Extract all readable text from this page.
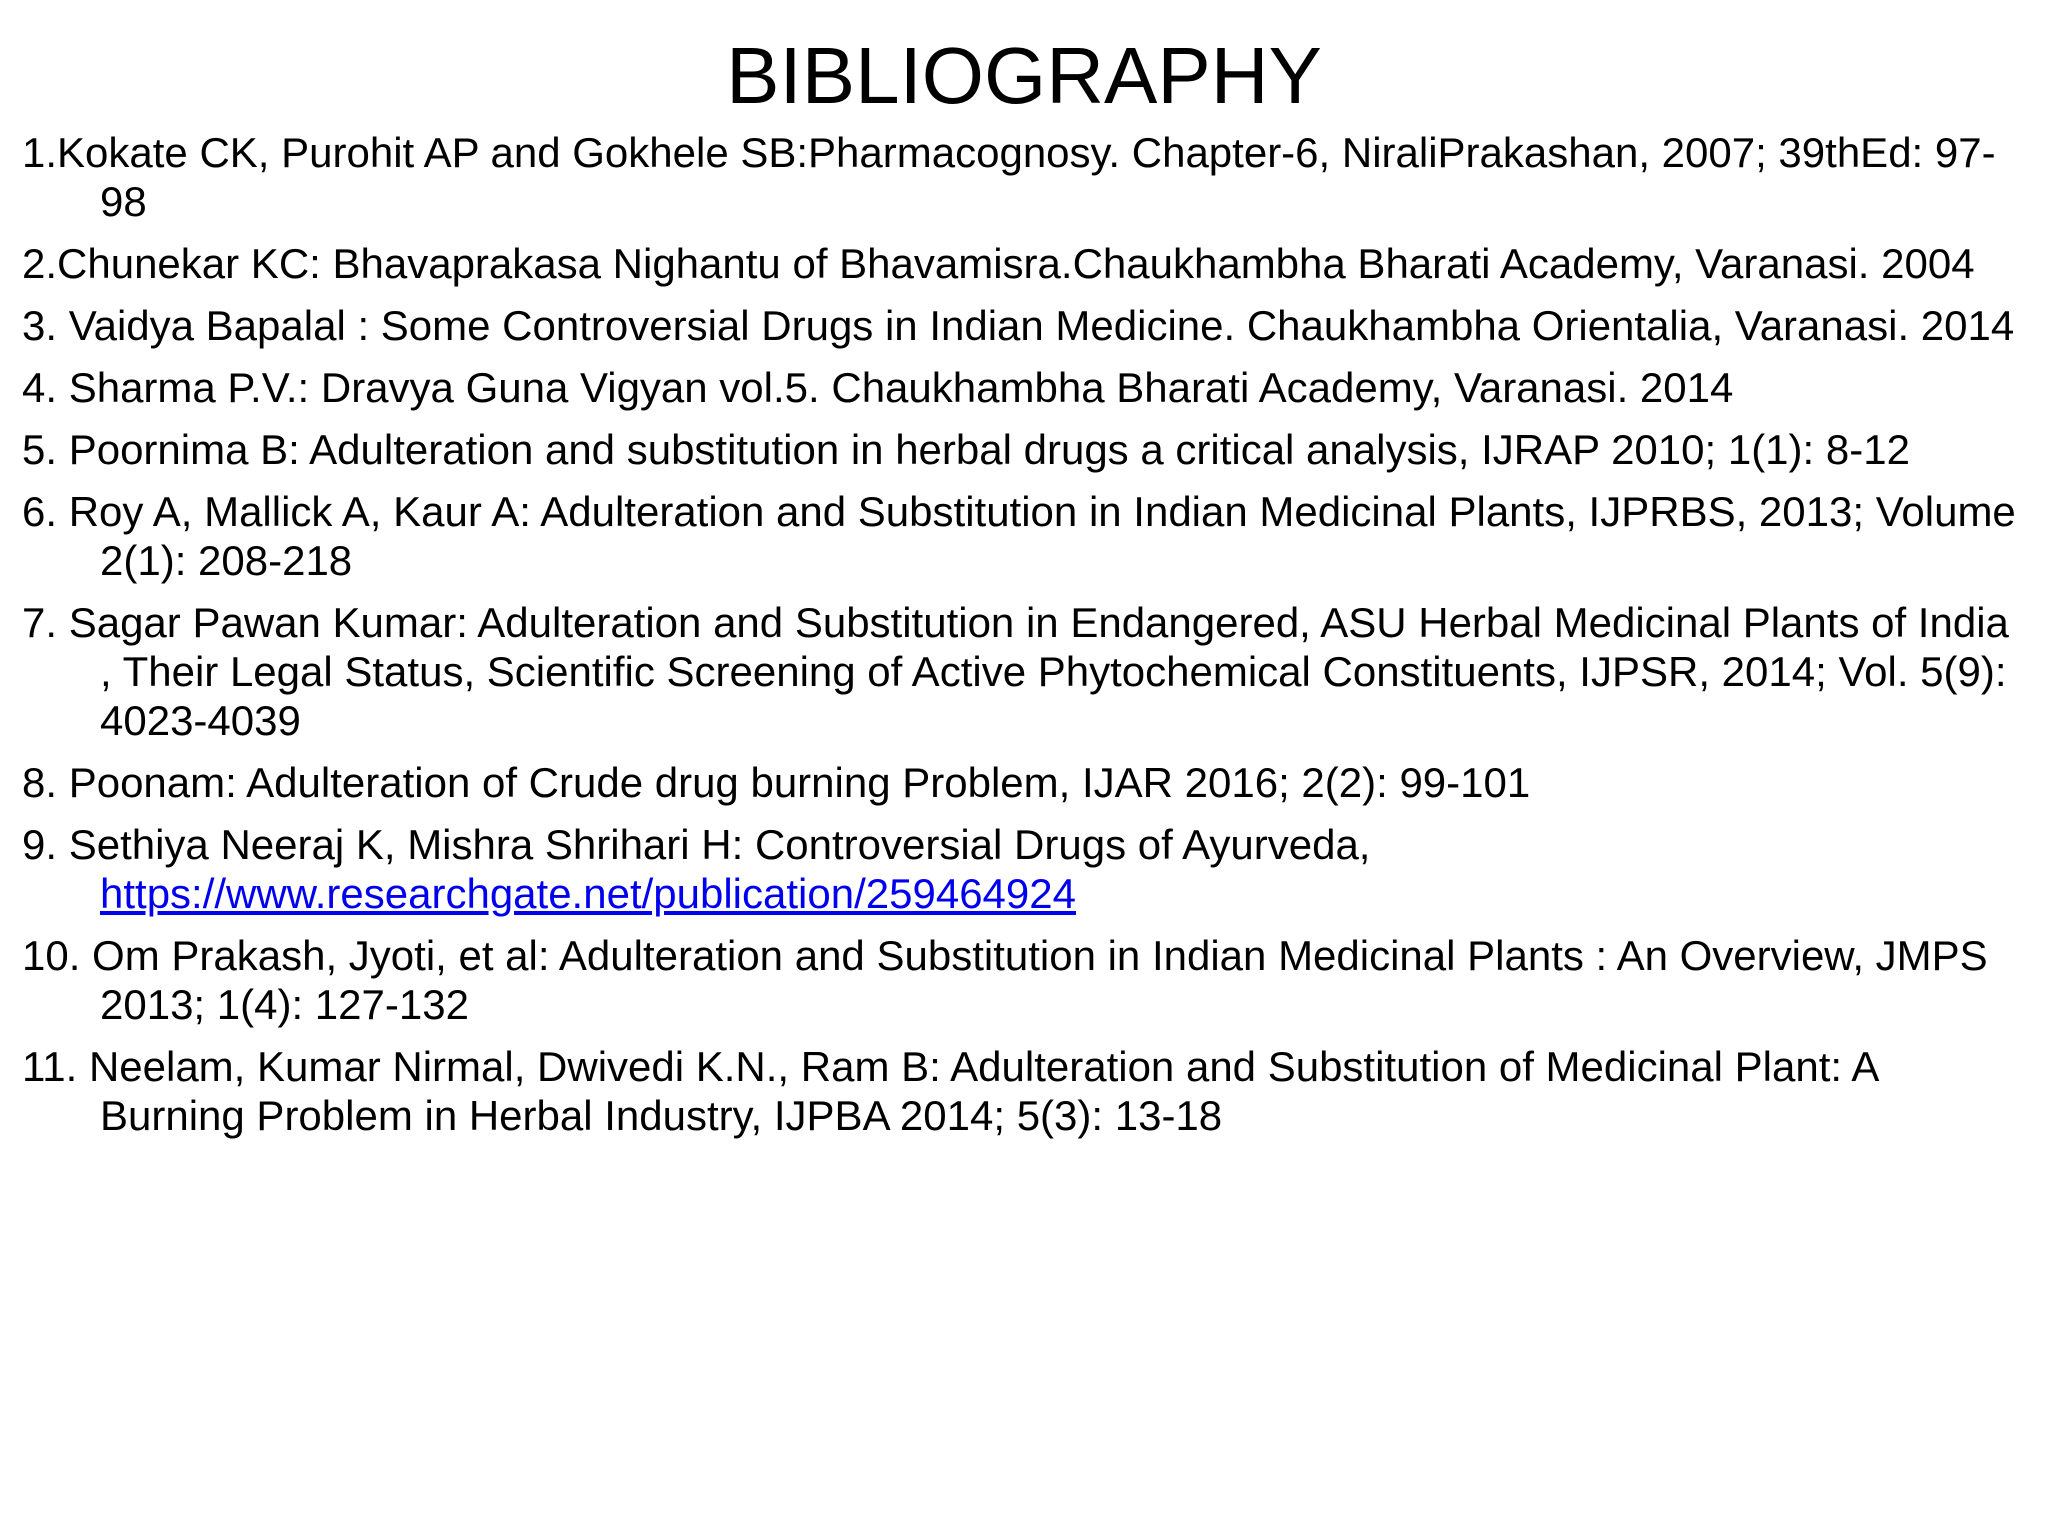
BIBLIOGRAPHY
1.Kokate CK, Purohit AP and Gokhele SB:Pharmacognosy. Chapter-6, NiraliPrakashan, 2007; 39thEd: 97-98
2.Chunekar KC: Bhavaprakasa Nighantu of Bhavamisra.Chaukhambha Bharati Academy, Varanasi. 2004
3. Vaidya Bapalal : Some Controversial Drugs in Indian Medicine. Chaukhambha Orientalia, Varanasi. 2014
4. Sharma P.V.: Dravya Guna Vigyan vol.5. Chaukhambha Bharati Academy, Varanasi. 2014
5. Poornima B: Adulteration and substitution in herbal drugs a critical analysis, IJRAP 2010; 1(1): 8-12
6. Roy A, Mallick A, Kaur A: Adulteration and Substitution in Indian Medicinal Plants, IJPRBS, 2013; Volume 2(1): 208-218
7. Sagar Pawan Kumar: Adulteration and Substitution in Endangered, ASU Herbal Medicinal Plants of India , Their Legal Status, Scientific Screening of Active Phytochemical Constituents, IJPSR, 2014; Vol. 5(9): 4023-4039
8. Poonam: Adulteration of Crude drug burning Problem, IJAR 2016; 2(2): 99-101
9. Sethiya Neeraj K, Mishra Shrihari H: Controversial Drugs of Ayurveda, https://www.researchgate.net/publication/259464924
10. Om Prakash, Jyoti, et al: Adulteration and Substitution in Indian Medicinal Plants : An Overview, JMPS 2013; 1(4): 127-132
11. Neelam, Kumar Nirmal, Dwivedi K.N., Ram B: Adulteration and Substitution of Medicinal Plant: A Burning Problem in Herbal Industry, IJPBA 2014; 5(3): 13-18
